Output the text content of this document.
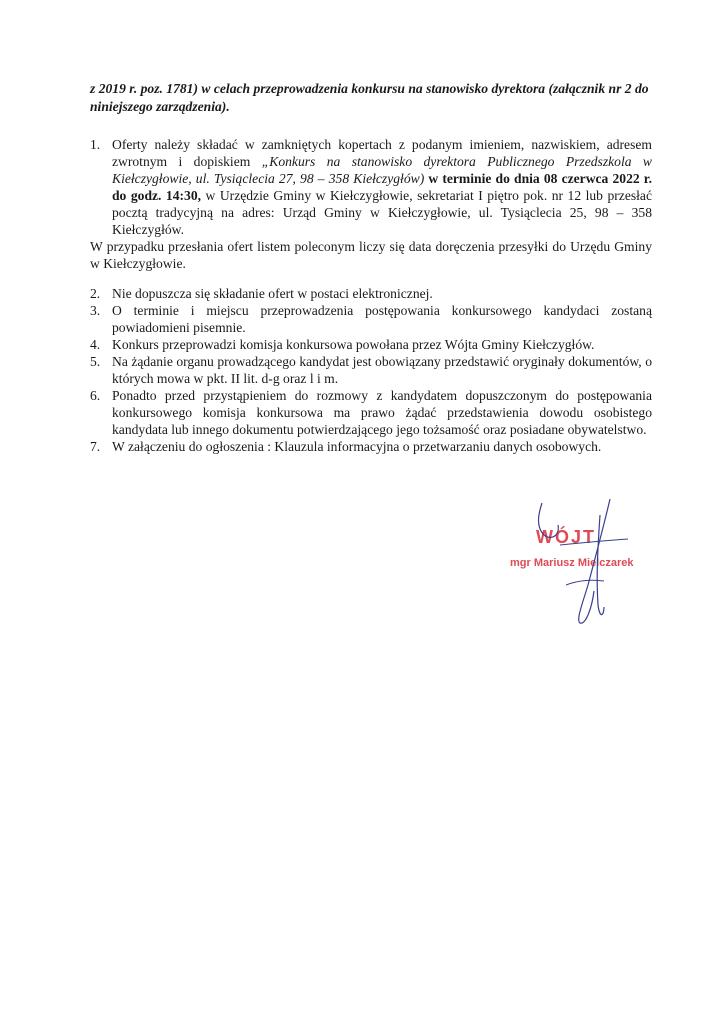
z 2019 r. poz. 1781) w celach przeprowadzenia konkursu na stanowisko dyrektora (załącznik nr 2 do niniejszego zarządzenia).

1. Oferty należy składać w zamkniętych kopertach z podanym imieniem, nazwiskiem, adresem zwrotnym i dopiskiem „Konkurs na stanowisko dyrektora Publicznego Przedszkola w Kiełczygłowie, ul. Tysiąclecia 27, 98 – 358 Kiełczygłów) w terminie do dnia 08 czerwca 2022 r. do godz. 14:30, w Urzędzie Gminy w Kiełczygłowie, sekretariat I piętro pok. nr 12 lub przesłać pocztą tradycyjną na adres: Urząd Gminy w Kiełczygłowie, ul. Tysiąclecia 25, 98 – 358 Kiełczygłów.
W przypadku przesłania ofert listem poleconym liczy się data doręczenia przesyłki do Urzędu Gminy w Kiełczygłowie.
2. Nie dopuszcza się składanie ofert w postaci elektronicznej.
3. O terminie i miejscu przeprowadzenia postępowania konkursowego kandydaci zostaną powiadomieni pisemnie.
4. Konkurs przeprowadzi komisja konkursowa powołana przez Wójta Gminy Kiełczygłów.
5. Na żądanie organu prowadzącego kandydat jest obowiązany przedstawić oryginały dokumentów, o których mowa w pkt. II lit. d-g oraz l i m.
6. Ponadto przed przystąpieniem do rozmowy z kandydatem dopuszczonym do postępowania konkursowego komisja konkursowa ma prawo żądać przedstawienia dowodu osobistego kandydata lub innego dokumentu potwierdzającego jego tożsamość oraz posiadane obywatelstwo.
7. W załączeniu do ogłoszenia : Klauzula informacyjna o przetwarzaniu danych osobowych.
WÓJT
mgr Mariusz Mielczarek
